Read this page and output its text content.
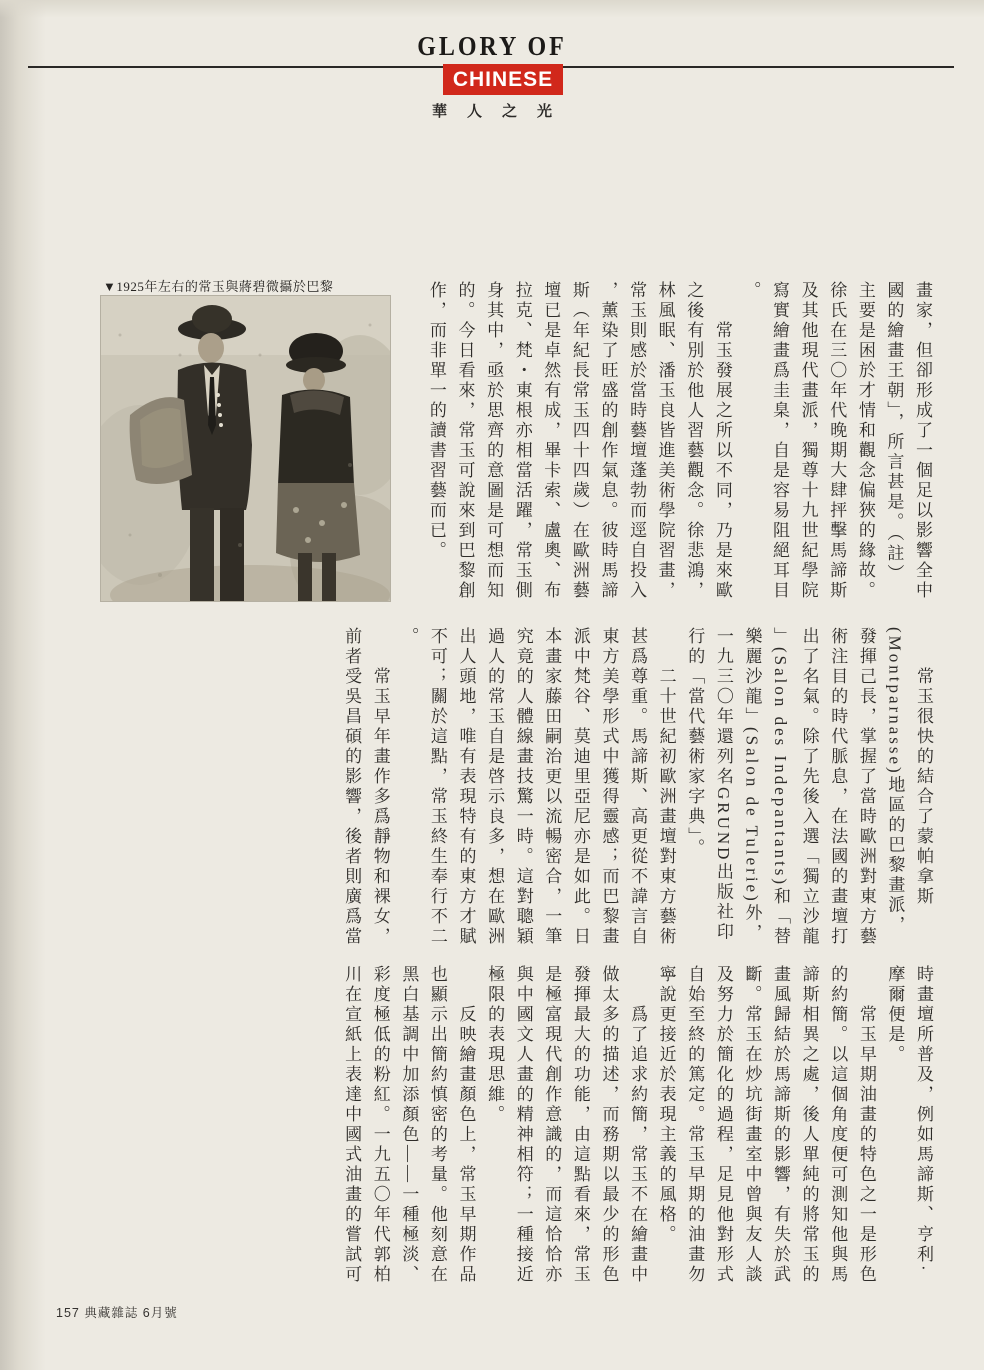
GLORY OF
CHINESE
華人之光
▼1925年左右的常玉與蔣碧微攝於巴黎	畫家，但卻形成了一個足以影響全中
國的繪畫王朝」，所言甚是。（註）
主要是困於才情和觀念偏狹的緣故。
徐氏在三〇年代晚期大肆抨擊馬諦斯
及其他現代畫派，獨尊十九世紀學院
寫實繪畫爲圭臬，自是容易阻絕耳目
。
　　常玉發展之所以不同，乃是來歐
之後有別於他人習藝觀念。徐悲鴻，
林風眠、潘玉良皆進美術學院習畫，
常玉則感於當時藝壇蓬勃而逕自投入
，薰染了旺盛的創作氣息。彼時馬諦
斯（年紀長常玉四十四歲）在歐洲藝
壇已是卓然有成，畢卡索、盧奧、布
拉克、梵・東根亦相當活躍，常玉側
身其中，亟於思齊的意圖是可想而知
的。今日看來，常玉可說來到巴黎創
作，而非單一的讀書習藝而已。
　　常玉很快的結合了蒙帕拿斯
(Montparnasse)地區的巴黎畫派，
發揮己長，掌握了當時歐洲對東方藝
術注目的時代脈息，在法國的畫壇打
出了名氣。除了先後入選「獨立沙龍
」(Salon des Indepantants)和「替
樂麗沙龍」(Salon de Tulerie)外，
一九三〇年還列名GRUND出版社印
行的「當代藝術家字典」。
　　二十世紀初歐洲畫壇對東方藝術
甚爲尊重。馬諦斯、高更從不諱言自
東方美學形式中獲得靈感；而巴黎畫
派中梵谷、莫迪里亞尼亦是如此。日
本畫家藤田嗣治更以流暢密合，一筆
究竟的人體線畫技驚一時。這對聰穎
過人的常玉自是啓示良多，想在歐洲
出人頭地，唯有表現特有的東方才賦
不可；關於這點，常玉終生奉行不二
。
　　常玉早年畫作多爲靜物和裸女，
前者受吳昌碩的影響，後者則廣爲當
時畫壇所普及，例如馬諦斯、亨利·
摩爾便是。
　　常玉早期油畫的特色之一是形色
的約簡。以這個角度便可測知他與馬
諦斯相異之處，後人單純的將常玉的
畫風歸結於馬諦斯的影響，有失於武
斷。常玉在炒坑街畫室中曾與友人談
及努力於簡化的過程，足見他對形式
自始至終的篤定。常玉早期的油畫勿
寧說更接近於表現主義的風格。
　　爲了追求約簡，常玉不在繪畫中
做太多的描述，而務期以最少的形色
發揮最大的功能，由這點看來，常玉
是極富現代創作意識的，而這恰恰亦
與中國文人畫的精神相符；一種接近
極限的表現思維。
　　反映繪畫顏色上，常玉早期作品
也顯示出簡約慎密的考量。他刻意在
黑白基調中加添顏色——一種極淡、
彩度極低的粉紅。一九五〇年代郭柏
川在宣紙上表達中國式油畫的嘗試可
157 典藏雜誌 6月號
